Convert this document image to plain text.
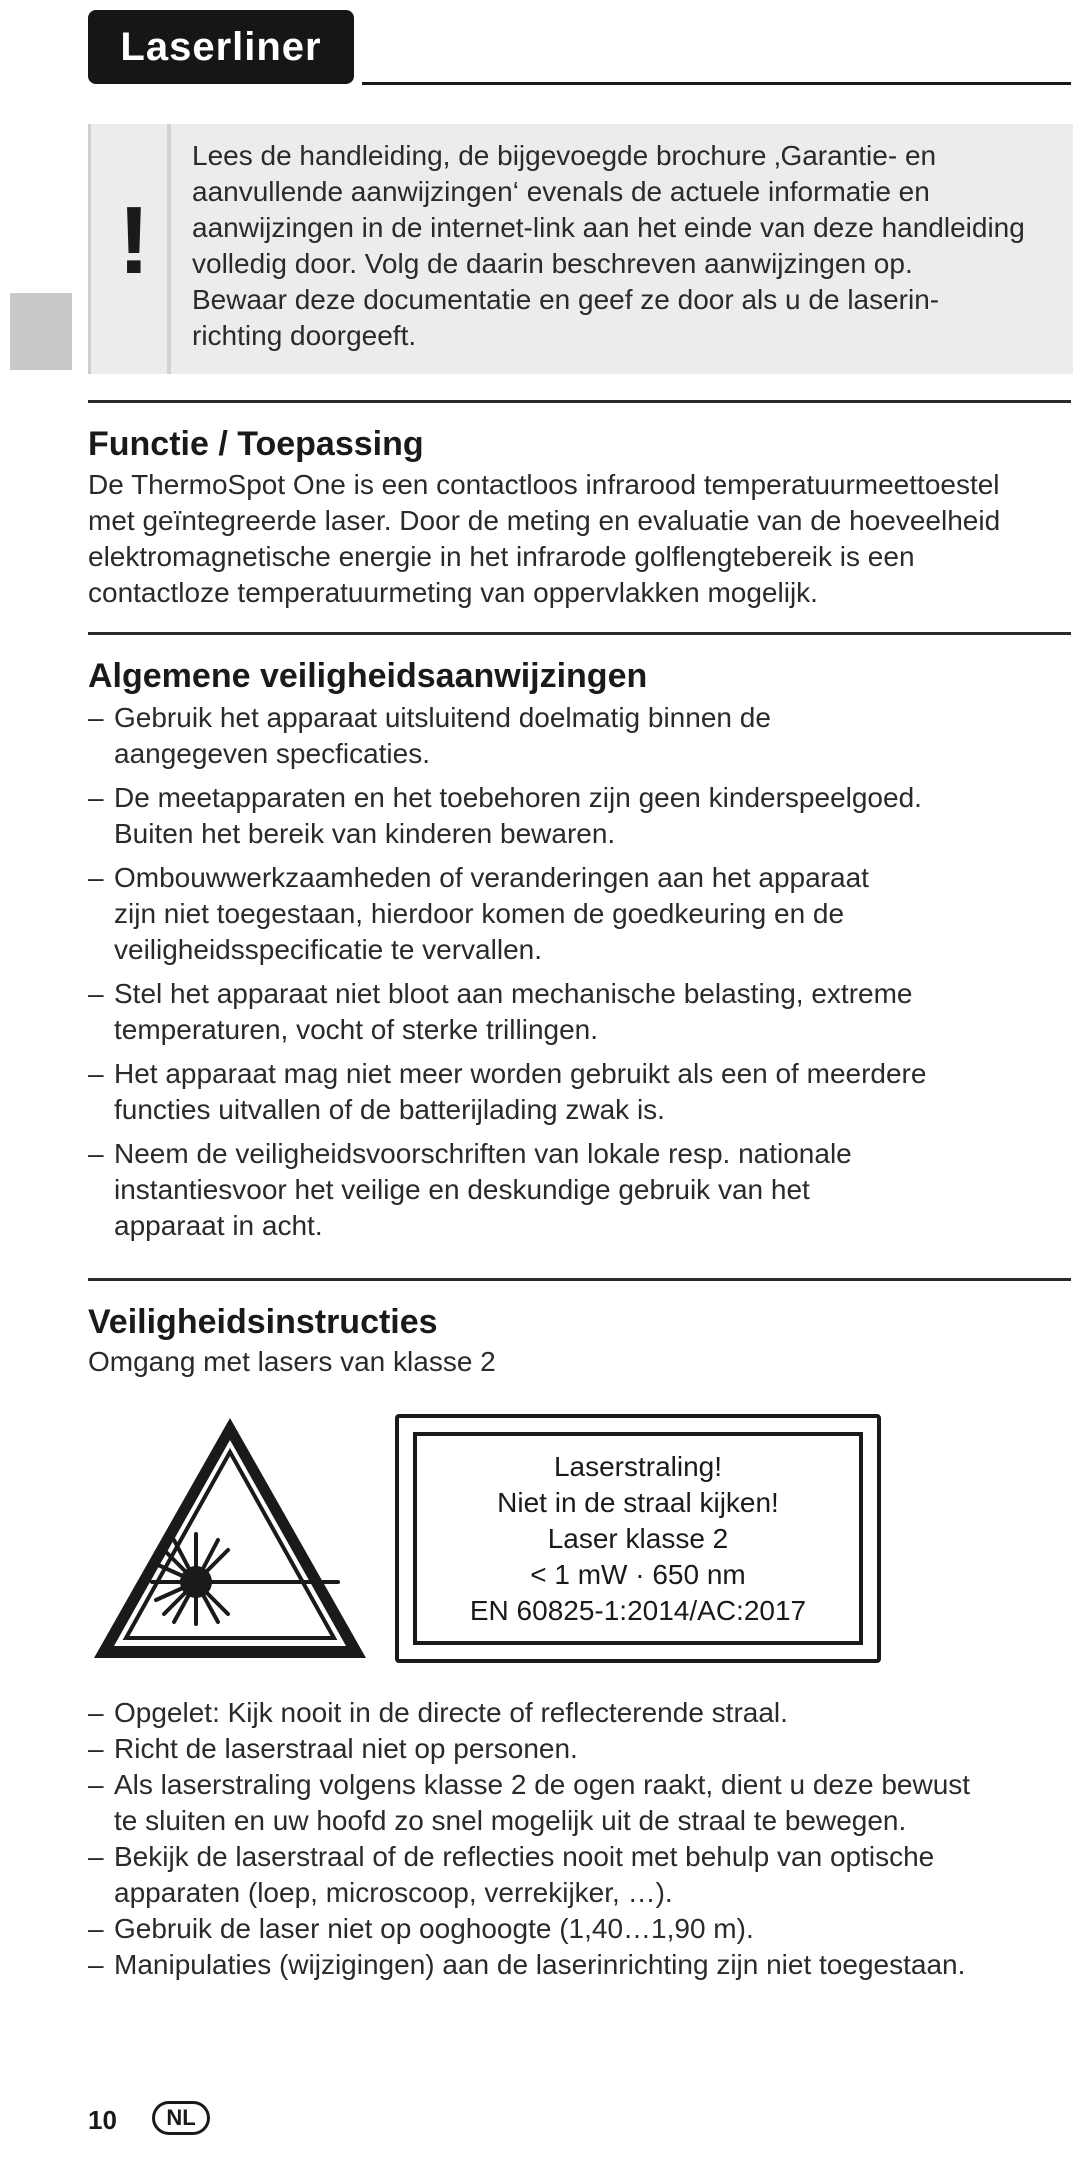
Laserliner
!
Lees de handleiding, de bijgevoegde brochure ‚Garantie- en
aanvullende aanwijzingen‘ evenals de actuele informatie en
aanwijzingen in de internet-link aan het einde van deze handleiding
volledig door. Volg de daarin beschreven aanwijzingen op.
Bewaar deze documentatie en geef ze door als u de laserin-
richting doorgeeft.
Functie / Toepassing
De ThermoSpot One is een contactloos infrarood temperatuurmeettoestel
met geïntegreerde laser. Door de meting en evaluatie van de hoeveelheid
elektromagnetische energie in het infrarode golflengtebereik is een
contactloze temperatuurmeting van oppervlakken mogelijk.
Algemene veiligheidsaanwijzingen
– Gebruik het apparaat uitsluitend doelmatig binnen de
aangegeven specficaties.
– De meetapparaten en het toebehoren zijn geen kinderspeelgoed.
Buiten het bereik van kinderen bewaren.
– Ombouwwerkzaamheden of veranderingen aan het apparaat
zijn niet toegestaan, hierdoor komen de goedkeuring en de
veiligheidsspecificatie te vervallen.
– Stel het apparaat niet bloot aan mechanische belasting, extreme
temperaturen, vocht of sterke trillingen.
– Het apparaat mag niet meer worden gebruikt als een of meerdere
functies uitvallen of de batterijlading zwak is.
– Neem de veiligheidsvoorschriften van lokale resp. nationale
instantiesvoor het veilige en deskundige gebruik van het
apparaat in acht.
Veiligheidsinstructies
Omgang met lasers van klasse 2
Laserstraling!
Niet in de straal kijken!
Laser klasse 2
< 1 mW · 650 nm
EN 60825-1:2014/AC:2017
– Opgelet: Kijk nooit in de directe of reflecterende straal.
– Richt de laserstraal niet op personen.
– Als laserstraling volgens klasse 2 de ogen raakt, dient u deze bewust
te sluiten en uw hoofd zo snel mogelijk uit de straal te bewegen.
– Bekijk de laserstraal of de reflecties nooit met behulp van optische
apparaten (loep, microscoop, verrekijker, …).
– Gebruik de laser niet op ooghoogte (1,40…1,90 m).
– Manipulaties (wijzigingen) aan de laserinrichting zijn niet toegestaan.
10	NL
